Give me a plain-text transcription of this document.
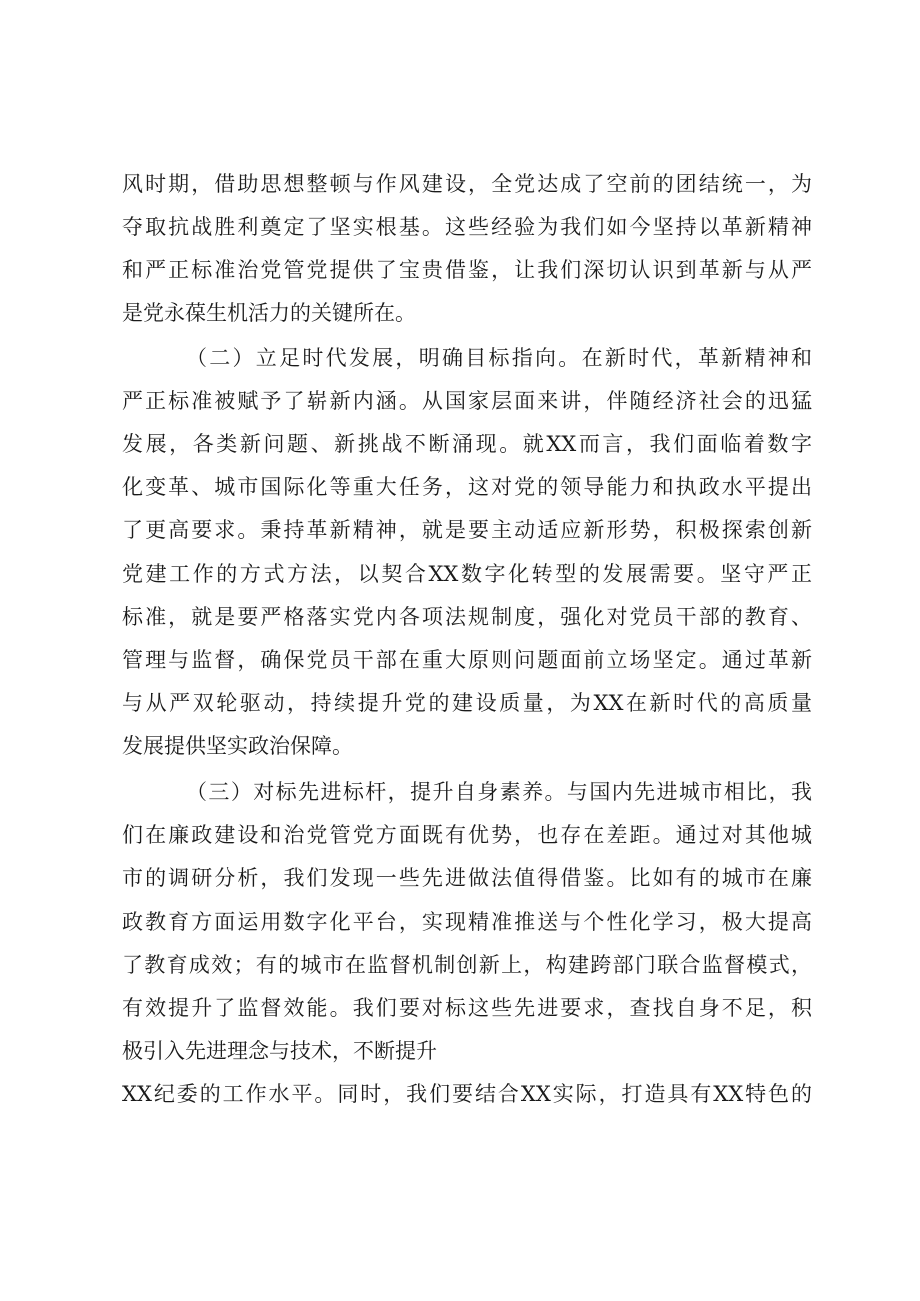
风时期，借助思想整顿与作风建设，全党达成了空前的团结统一，为
夺取抗战胜利奠定了坚实根基。这些经验为我们如今坚持以革新精神
和严正标准治党管党提供了宝贵借鉴，让我们深切认识到革新与从严
是党永葆生机活力的关键所在。
（二）立足时代发展，明确目标指向。在新时代，革新精神和
严正标准被赋予了崭新内涵。从国家层面来讲，伴随经济社会的迅猛
发展，各类新问题、新挑战不断涌现。就XX而言，我们面临着数字
化变革、城市国际化等重大任务，这对党的领导能力和执政水平提出
了更高要求。秉持革新精神，就是要主动适应新形势，积极探索创新
党建工作的方式方法，以契合XX数字化转型的发展需要。坚守严正
标准，就是要严格落实党内各项法规制度，强化对党员干部的教育、
管理与监督，确保党员干部在重大原则问题面前立场坚定。通过革新
与从严双轮驱动，持续提升党的建设质量，为XX在新时代的高质量
发展提供坚实政治保障。
（三）对标先进标杆，提升自身素养。与国内先进城市相比，我
们在廉政建设和治党管党方面既有优势，也存在差距。通过对其他城
市的调研分析，我们发现一些先进做法值得借鉴。比如有的城市在廉
政教育方面运用数字化平台，实现精准推送与个性化学习，极大提高
了教育成效；有的城市在监督机制创新上，构建跨部门联合监督模式，
有效提升了监督效能。我们要对标这些先进要求，查找自身不足，积
极引入先进理念与技术，不断提升
XX纪委的工作水平。同时，我们要结合XX实际，打造具有XX特色的
